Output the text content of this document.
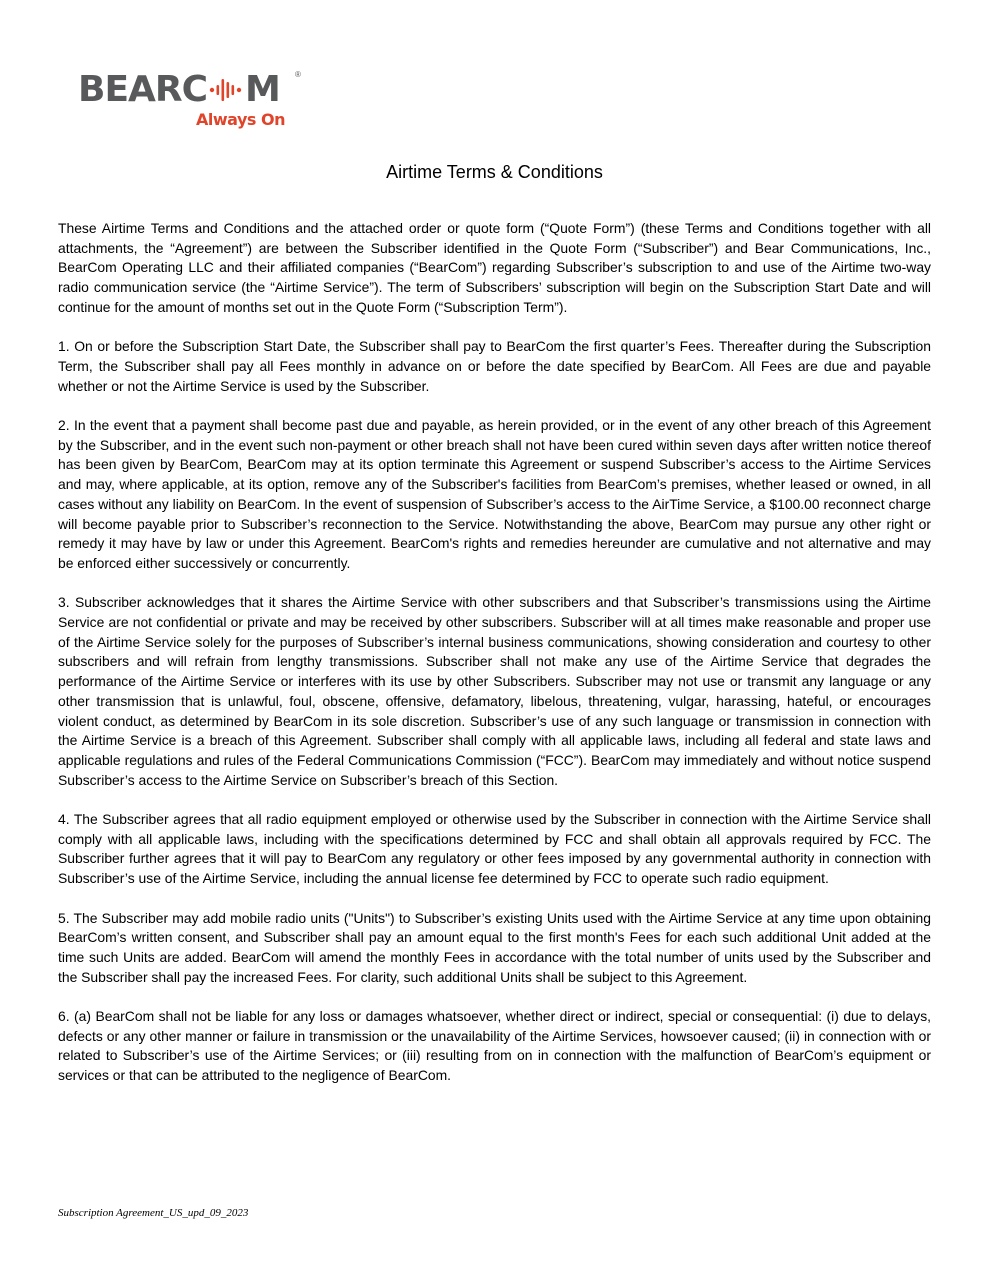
BEARC M ®
Always On
Airtime Terms & Conditions

These Airtime Terms and Conditions and the attached order or quote form (“Quote Form”) (these Terms and Conditions together with all attachments, the “Agreement”) are between the Subscriber identified in the Quote Form (“Subscriber”) and Bear Communications, Inc., BearCom Operating LLC and their affiliated companies (“BearCom”) regarding Subscriber’s subscription to and use of the Airtime two-way radio communication service (the “Airtime Service”). The term of Subscribers’ subscription will begin on the Subscription Start Date and will continue for the amount of months set out in the Quote Form (“Subscription Term”).

1. On or before the Subscription Start Date, the Subscriber shall pay to BearCom the first quarter’s Fees. Thereafter during the Subscription Term, the Subscriber shall pay all Fees monthly in advance on or before the date specified by BearCom. All Fees are due and payable whether or not the Airtime Service is used by the Subscriber.

2. In the event that a payment shall become past due and payable, as herein provided, or in the event of any other breach of this Agreement by the Subscriber, and in the event such non-payment or other breach shall not have been cured within seven days after written notice thereof has been given by BearCom, BearCom may at its option terminate this Agreement or suspend Subscriber’s access to the Airtime Services and may, where applicable, at its option, remove any of the Subscriber's facilities from BearCom’s premises, whether leased or owned, in all cases without any liability on BearCom. In the event of suspension of Subscriber’s access to the AirTime Service, a $100.00 reconnect charge will become payable prior to Subscriber’s reconnection to the Service. Notwithstanding the above, BearCom may pursue any other right or remedy it may have by law or under this Agreement. BearCom's rights and remedies hereunder are cumulative and not alternative and may be enforced either successively or concurrently.

3. Subscriber acknowledges that it shares the Airtime Service with other subscribers and that Subscriber’s transmissions using the Airtime Service are not confidential or private and may be received by other subscribers. Subscriber will at all times make reasonable and proper use of the Airtime Service solely for the purposes of Subscriber’s internal business communications, showing consideration and courtesy to other subscribers and will refrain from lengthy transmissions. Subscriber shall not make any use of the Airtime Service that degrades the performance of the Airtime Service or interferes with its use by other Subscribers. Subscriber may not use or transmit any language or any other transmission that is unlawful, foul, obscene, offensive, defamatory, libelous, threatening, vulgar, harassing, hateful, or encourages violent conduct, as determined by BearCom in its sole discretion. Subscriber’s use of any such language or transmission in connection with the Airtime Service is a breach of this Agreement. Subscriber shall comply with all applicable laws, including all federal and state laws and applicable regulations and rules of the Federal Communications Commission (“FCC”). BearCom may immediately and without notice suspend Subscriber’s access to the Airtime Service on Subscriber’s breach of this Section.

4. The Subscriber agrees that all radio equipment employed or otherwise used by the Subscriber in connection with the Airtime Service shall comply with all applicable laws, including with the specifications determined by FCC and shall obtain all approvals required by FCC. The Subscriber further agrees that it will pay to BearCom any regulatory or other fees imposed by any governmental authority in connection with Subscriber’s use of the Airtime Service, including the annual license fee determined by FCC to operate such radio equipment.

5. The Subscriber may add mobile radio units ("Units") to Subscriber’s existing Units used with the Airtime Service at any time upon obtaining BearCom’s written consent, and Subscriber shall pay an amount equal to the first month's Fees for each such additional Unit added at the time such Units are added. BearCom will amend the monthly Fees in accordance with the total number of units used by the Subscriber and the Subscriber shall pay the increased Fees. For clarity, such additional Units shall be subject to this Agreement.

6. (a) BearCom shall not be liable for any loss or damages whatsoever, whether direct or indirect, special or consequential: (i) due to delays, defects or any other manner or failure in transmission or the unavailability of the Airtime Services, howsoever caused; (ii) in connection with or related to Subscriber’s use of the Airtime Services; or (iii) resulting from on in connection with the malfunction of BearCom’s equipment or services or that can be attributed to the negligence of BearCom.

Subscription Agreement_US_upd_09_2023
